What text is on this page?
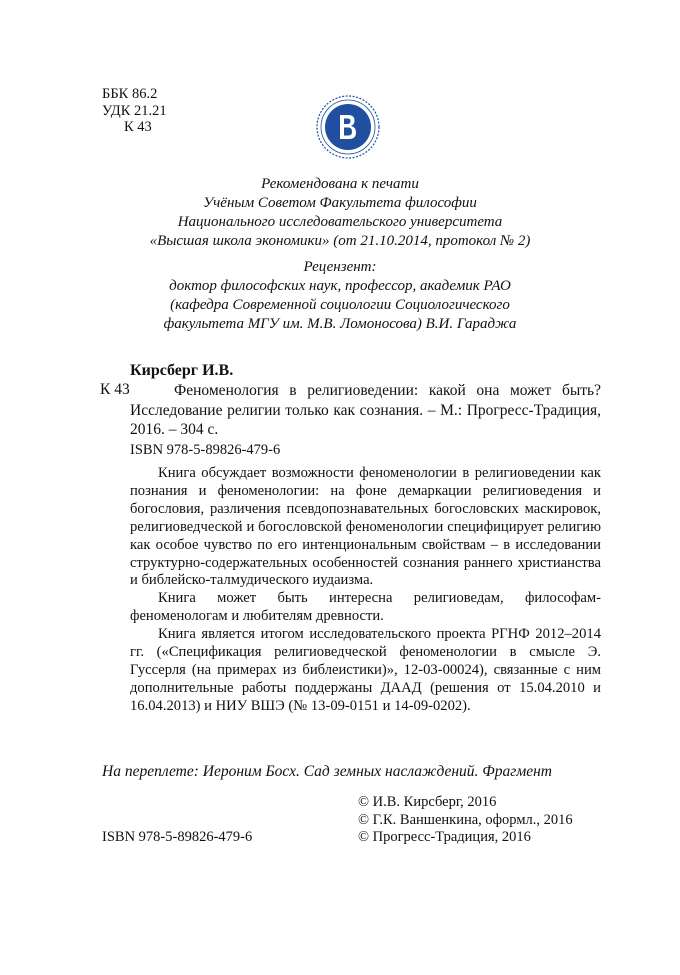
ББК 86.2
УДК 21.21
К 43
Рекомендована к печати
Учёным Советом Факультета философии
Национального исследовательского университета
«Высшая школа экономики» (от 21.10.2014, протокол № 2)
Рецензент:
доктор философских наук, профессор, академик РАО
(кафедра Современной социологии Социологического
факультета МГУ им. М.В. Ломоносова) В.И. Гараджа
Кирсберг И.В.
К 43	Феноменология в религиоведении: какой она может быть? Исследование религии только как сознания. – М.: Прогресс-Традиция, 2016. – 304 с.
ISBN 978-5-89826-479-6

Книга обсуждает возможности феноменологии в религиоведении как познания и феноменологии: на фоне демаркации религиоведения и богословия, различения псевдопознавательных богословских маскировок, религиоведческой и богословской феноменологии специфицирует религию как особое чувство по его интенциональным свойствам – в исследовании структурно-содержательных особенностей сознания раннего христианства и библейско-талмудического иудаизма.

Книга может быть интересна религиоведам, философам-феноменологам и любителям древности.

Книга является итогом исследовательского проекта РГНФ 2012–2014 гг. («Спецификация религиоведческой феноменологии в смысле Э. Гуссерля (на примерах из библеистики)», 12-03-00024), связанные с ним дополнительные работы поддержаны ДААД (решения от 15.04.2010 и 16.04.2013) и НИУ ВШЭ (№ 13-09-0151 и 14-09-0202).

На переплете: Иероним Босх. Сад земных наслаждений. Фрагмент
© И.В. Кирсберг, 2016
© Г.К. Ваншенкина, оформл., 2016
© Прогресс-Традиция, 2016
ISBN 978-5-89826-479-6
